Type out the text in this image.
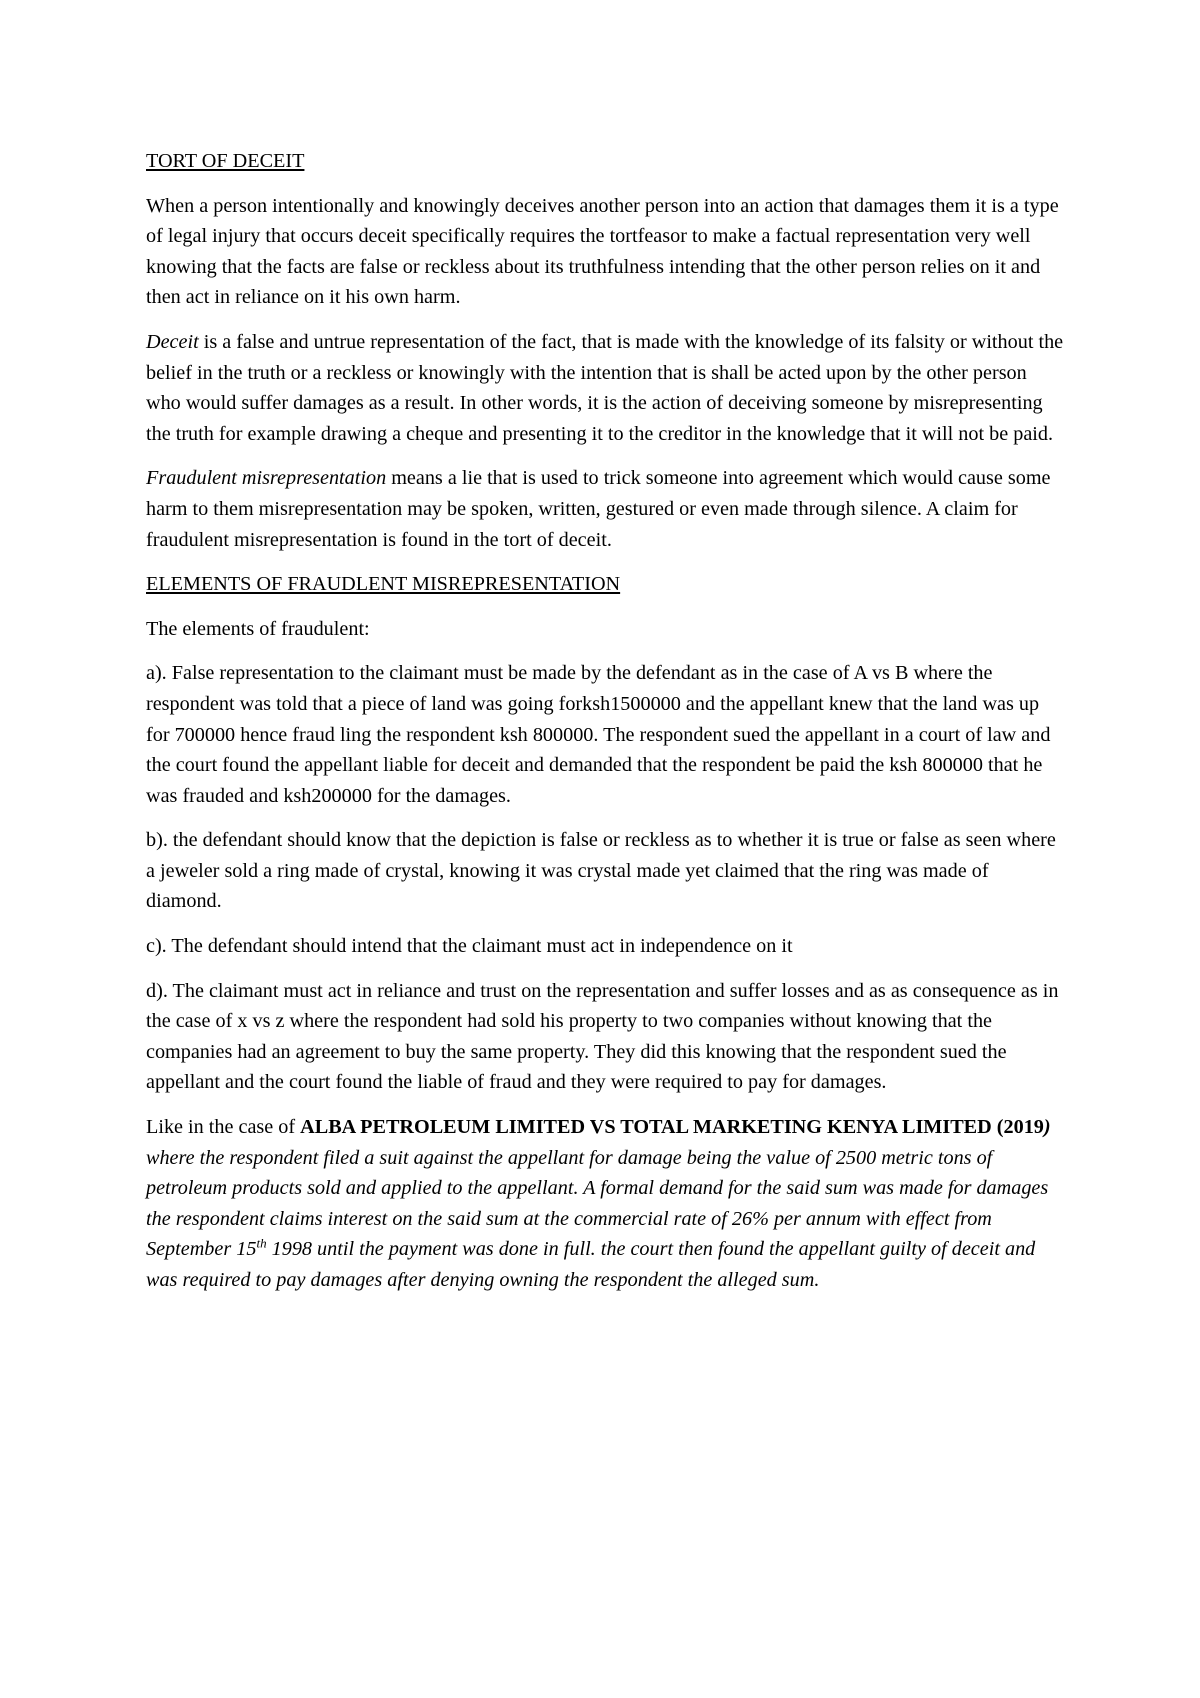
TORT OF DECEIT

When a person intentionally and knowingly deceives another person into an action that damages them it is a type of legal injury that occurs deceit specifically requires the tortfeasor to make a factual representation very well knowing that the facts are false or reckless about its truthfulness intending that the other person relies on it and then act in reliance on it his own harm.

Deceit is a false and untrue representation of the fact, that is made with the knowledge of its falsity or without the belief in the truth or a reckless or knowingly with the intention that is shall be acted upon by the other person who would suffer damages as a result. In other words, it is the action of deceiving someone by misrepresenting the truth for example drawing a cheque and presenting it to the creditor in the knowledge that it will not be paid.

Fraudulent misrepresentation means a lie that is used to trick someone into agreement which would cause some harm to them misrepresentation may be spoken, written, gestured or even made through silence. A claim for fraudulent misrepresentation is found in the tort of deceit.

ELEMENTS OF FRAUDLENT MISREPRESENTATION

The elements of fraudulent:

a). False representation to the claimant must be made by the defendant as in the case of A vs B where the respondent was told that a piece of land was going forksh1500000 and the appellant knew that the land was up for 700000 hence fraud ling the respondent ksh 800000. The respondent sued the appellant in a court of law and the court found the appellant liable for deceit and demanded that the respondent be paid the ksh 800000 that he was frauded and ksh200000 for the damages.

b). the defendant should know that the depiction is false or reckless as to whether it is true or false as seen where a jeweler sold a ring made of crystal, knowing it was crystal made yet claimed that the ring was made of diamond.

c). The defendant should intend that the claimant must act in independence on it

d). The claimant must act in reliance and trust on the representation and suffer losses and as as consequence as in the case of x vs z where the respondent had sold his property to two companies without knowing that the companies had an agreement to buy the same property. They did this knowing that the respondent sued the appellant and the court found the liable of fraud and they were required to pay for damages.

Like in the case of ALBA PETROLEUM LIMITED VS TOTAL MARKETING KENYA LIMITED (2019) where the respondent filed a suit against the appellant for damage being the value of 2500 metric tons of petroleum products sold and applied to the appellant. A formal demand for the said sum was made for damages the respondent claims interest on the said sum at the commercial rate of 26% per annum with effect from September 15th 1998 until the payment was done in full. the court then found the appellant guilty of deceit and was required to pay damages after denying owning the respondent the alleged sum.
